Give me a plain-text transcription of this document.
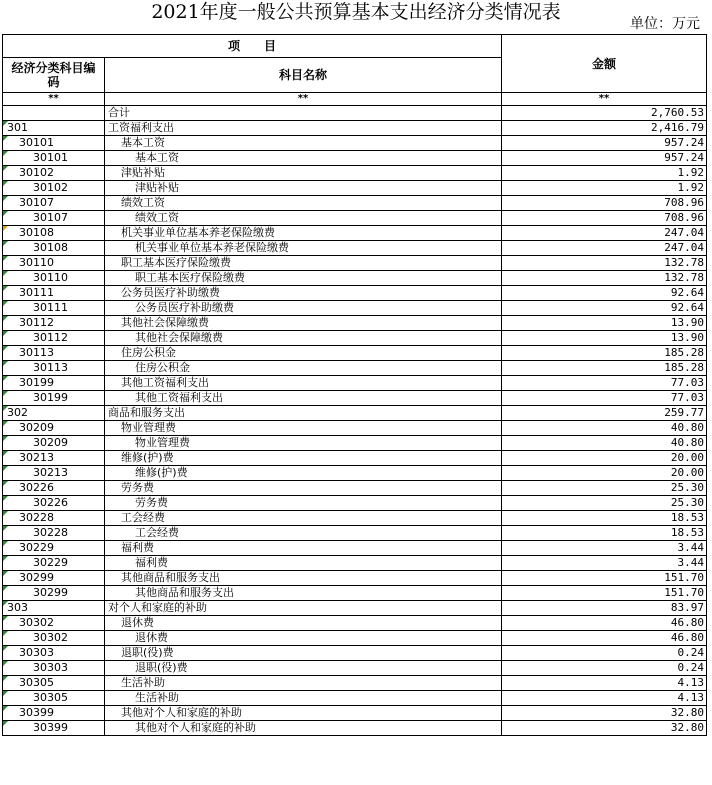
2021年度一般公共预算基本支出经济分类情况表
单位：万元
项　　目		金额
经济分类科目编码	科目名称	
**	**	**
	合计	2,760.53
301	工资福利支出	2,416.79
30101	基本工资	957.24
30101	基本工资	957.24
30102	津贴补贴	1.92
30102	津贴补贴	1.92
30107	绩效工资	708.96
30107	绩效工资	708.96
30108	机关事业单位基本养老保险缴费	247.04
30108	机关事业单位基本养老保险缴费	247.04
30110	职工基本医疗保险缴费	132.78
30110	职工基本医疗保险缴费	132.78
30111	公务员医疗补助缴费	92.64
30111	公务员医疗补助缴费	92.64
30112	其他社会保障缴费	13.90
30112	其他社会保障缴费	13.90
30113	住房公积金	185.28
30113	住房公积金	185.28
30199	其他工资福利支出	77.03
30199	其他工资福利支出	77.03
302	商品和服务支出	259.77
30209	物业管理费	40.80
30209	物业管理费	40.80
30213	维修(护)费	20.00
30213	维修(护)费	20.00
30226	劳务费	25.30
30226	劳务费	25.30
30228	工会经费	18.53
30228	工会经费	18.53
30229	福利费	3.44
30229	福利费	3.44
30299	其他商品和服务支出	151.70
30299	其他商品和服务支出	151.70
303	对个人和家庭的补助	83.97
30302	退休费	46.80
30302	退休费	46.80
30303	退职(役)费	0.24
30303	退职(役)费	0.24
30305	生活补助	4.13
30305	生活补助	4.13
30399	其他对个人和家庭的补助	32.80
30399	其他对个人和家庭的补助	32.80
